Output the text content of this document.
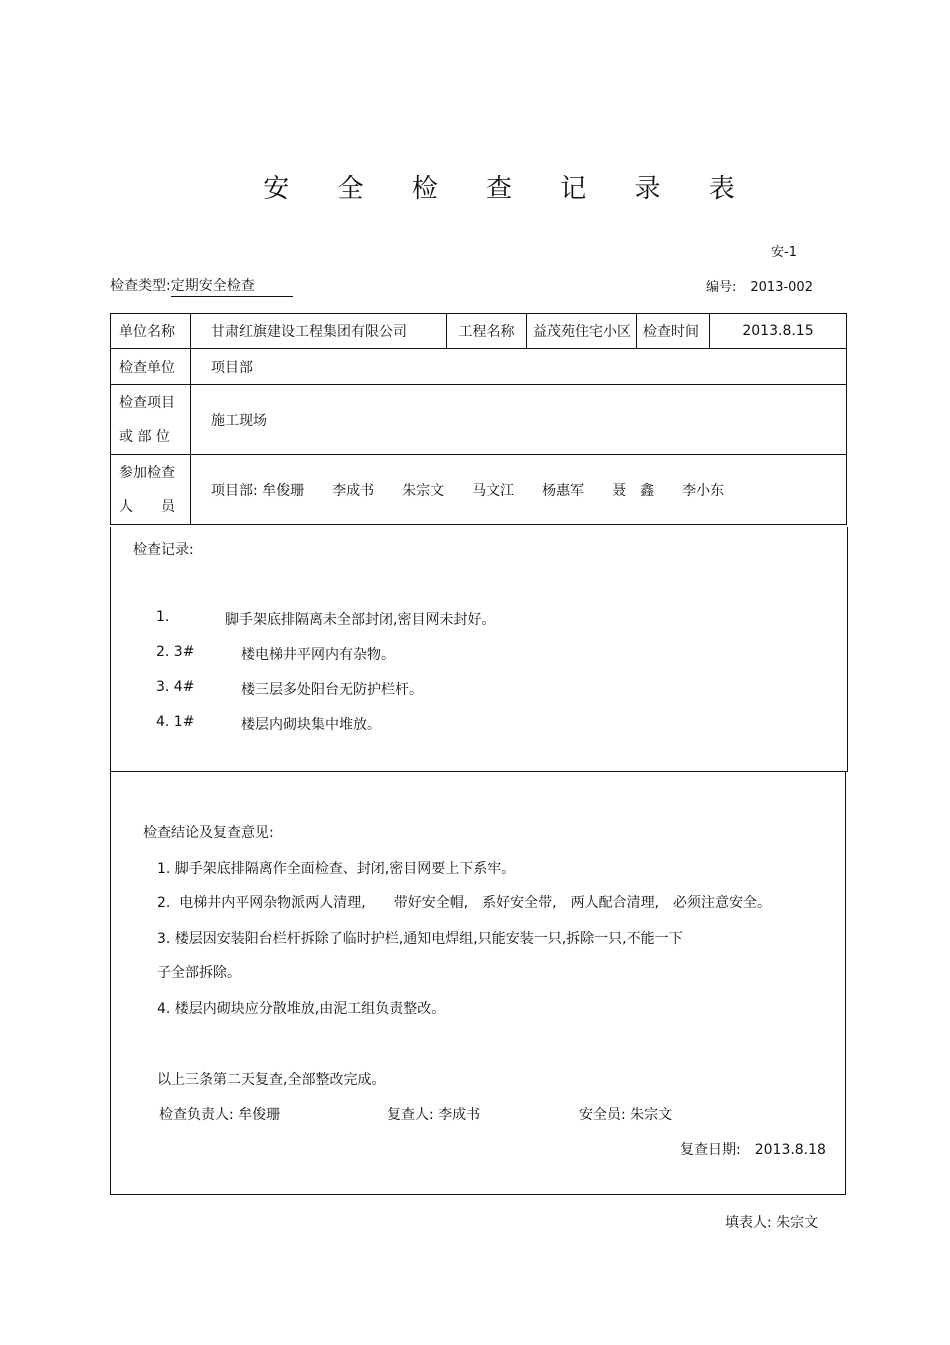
安 全 检 查 记 录 表
安-1
检查类型:定期安全检查	编号: 2013-002
单位名称	甘肃红旗建设工程集团有限公司	工程名称	益茂苑住宅小区	检查时间	2013.8.15
检查单位	项目部				

检查项目
或 部 位	施工现场				

参加检查
人　　员	项目部: 牟俊珊　　李成书　　朱宗文　　马文江　　杨惠军　　聂　鑫　　李小东				
检查记录:
1.	脚手架底排隔离未全部封闭,密目网未封好。
2. 3#	楼电梯井平网内有杂物。
3. 4#	楼三层多处阳台无防护栏杆。
4. 1#	楼层内砌块集中堆放。
检查结论及复查意见:
1. 脚手架底排隔离作全面检查、封闭,密目网要上下系牢。
2.  电梯井内平网杂物派两人清理,　　带好安全帽,　系好安全带,　两人配合清理,　必须注意安全。
3. 楼层因安装阳台栏杆拆除了临时护栏,通知电焊组,只能安装一只,拆除一只,不能一下
子全部拆除。
4. 楼层内砌块应分散堆放,由泥工组负责整改。
以上三条第二天复查,全部整改完成。
检查负责人: 牟俊珊	复查人: 李成书	安全员: 朱宗文
复查日期:　2013.8.18
填表人: 朱宗文
